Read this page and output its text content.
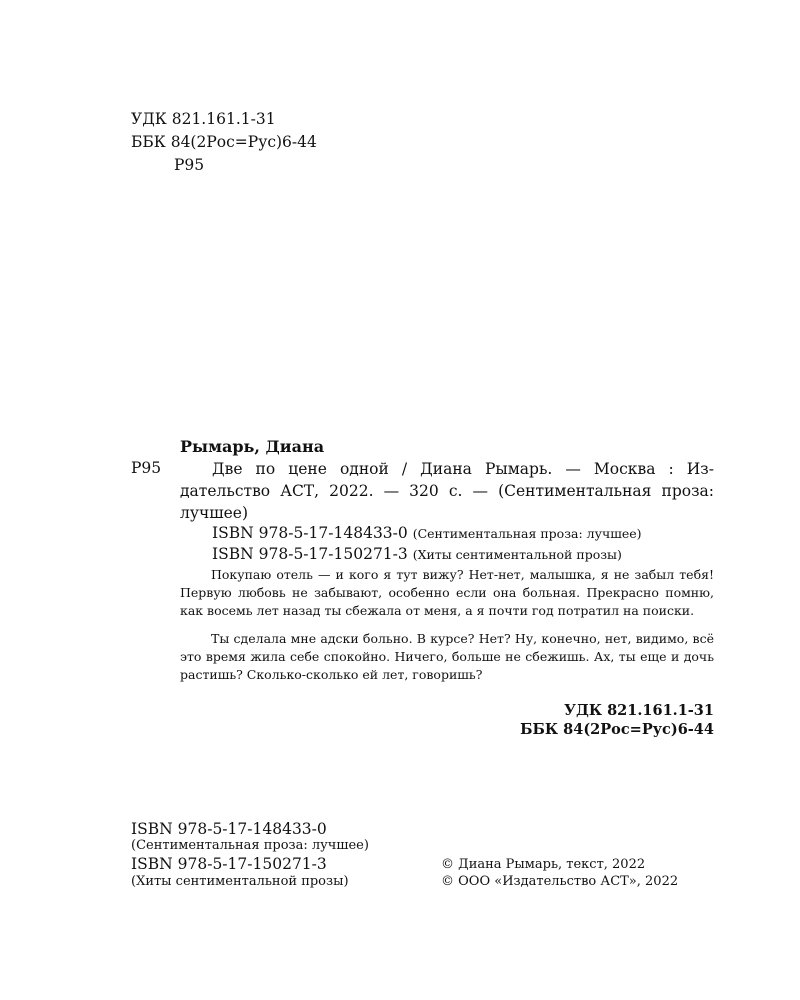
УДК 821.161.1-31
ББК 84(2Рос=Рус)6-44
Р95
Рымарь, Диана
Р95	Две по цене одной / Диана Рымарь. — Москва : Издательство АСТ, 2022. — 320 с. — (Сентиментальная проза: лучшее)

ISBN 978-5-17-148433-0 (Сентиментальная проза: лучшее)
ISBN 978-5-17-150271-3 (Хиты сентиментальной прозы)

Покупаю отель — и кого я тут вижу? Нет-нет, малышка, я не забыл тебя! Первую любовь не забывают, особенно если она больная. Прекрасно помню, как восемь лет назад ты сбежала от меня, а я почти год потратил на поиски.

Ты сделала мне адски больно. В курсе? Нет? Ну, конечно, нет, видимо, всё это время жила себе спокойно. Ничего, больше не сбежишь. Ах, ты еще и дочь растишь? Сколько-сколько ей лет, говоришь?

УДК 821.161.1-31
ББК 84(2Рос=Рус)6-44
ISBN 978-5-17-148433-0
(Сентиментальная проза: лучшее)
ISBN 978-5-17-150271-3
(Хиты сентиментальной прозы)
© Диана Рымарь, текст, 2022
© ООО «Издательство АСТ», 2022
